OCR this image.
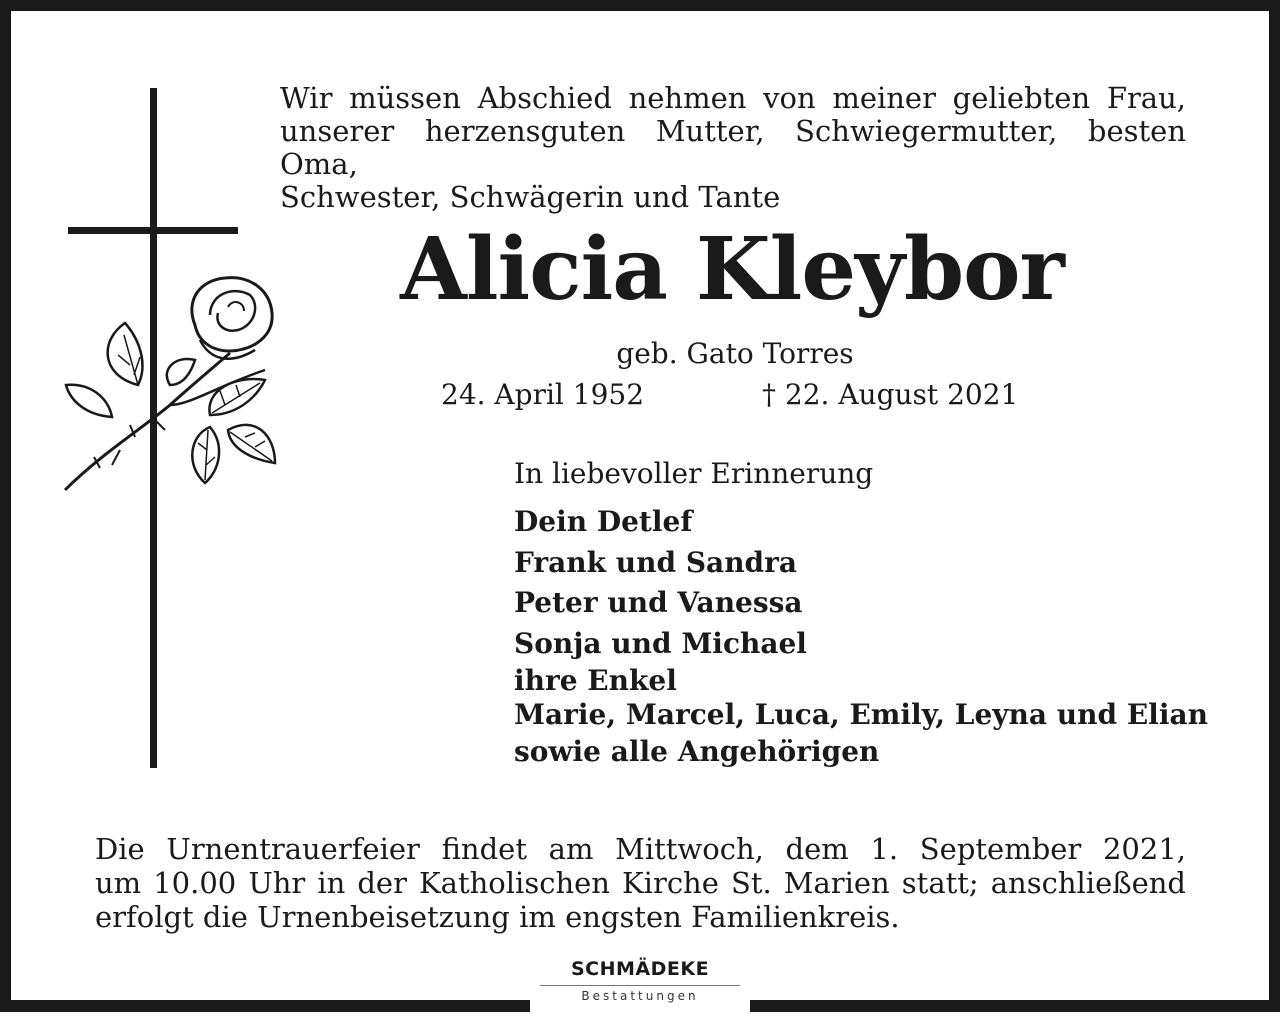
Wir müssen Abschied nehmen von meiner geliebten Frau,
unserer herzensguten Mutter, Schwiegermutter, besten Oma,
Schwester, Schwägerin und Tante
Alicia Kleybor
geb. Gato Torres
24. April 1952	† 22. August 2021
In liebevoller Erinnerung
Dein Detlef
Frank und Sandra
Peter und Vanessa
Sonja und Michael
ihre Enkel
Marie, Marcel, Luca, Emily, Leyna und Elian
sowie alle Angehörigen
Die Urnentrauerfeier findet am Mittwoch, dem 1. September 2021,
um 10.00 Uhr in der Katholischen Kirche St. Marien statt; anschließend
erfolgt die Urnenbeisetzung im engsten Familienkreis.
SCHMÄDEKE
Bestattungen
